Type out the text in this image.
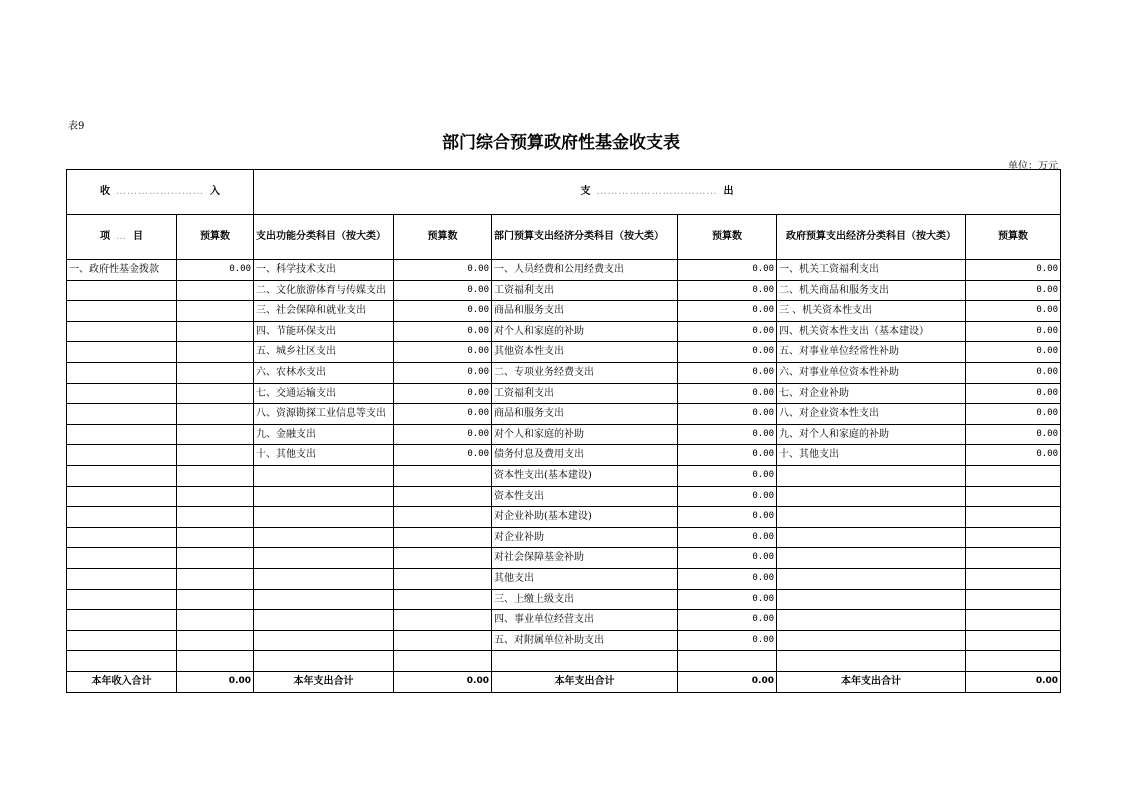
表9
部门综合预算政府性基金收支表
单位：万元
收 …………………… 入		支 …………………………… 出					
项 … 目	预算数	支出功能分类科目（按大类）	预算数	部门预算支出经济分类科目（按大类）	预算数	政府预算支出经济分类科目（按大类）	预算数
一、政府性基金拨款	0.00	一、科学技术支出	0.00	一、人员经费和公用经费支出	0.00	一、机关工资福利支出	0.00
		二、文化旅游体育与传媒支出	0.00	工资福利支出	0.00	二、机关商品和服务支出	0.00
		三、社会保障和就业支出	0.00	商品和服务支出	0.00	三 、机关资本性支出	0.00
		四、节能环保支出	0.00	对个人和家庭的补助	0.00	四、机关资本性支出（基本建设）	0.00
		五、城乡社区支出	0.00	其他资本性支出	0.00	五、对事业单位经常性补助	0.00
		六、农林水支出	0.00	二、专项业务经费支出	0.00	六、对事业单位资本性补助	0.00
		七、交通运输支出	0.00	工资福利支出	0.00	七、对企业补助	0.00
		八、资源勘探工业信息等支出	0.00	商品和服务支出	0.00	八、对企业资本性支出	0.00
		九、金融支出	0.00	对个人和家庭的补助	0.00	九、对个人和家庭的补助	0.00
		十、其他支出	0.00	债务付息及费用支出	0.00	十、其他支出	0.00
				资本性支出(基本建设)	0.00		
				资本性支出	0.00		
				对企业补助(基本建设)	0.00		
				对企业补助	0.00		
				对社会保障基金补助	0.00		
				其他支出	0.00		
				三、上缴上级支出	0.00		
				四、事业单位经营支出	0.00		
				五、对附属单位补助支出	0.00		

本年收入合计	0.00	本年支出合计	0.00	本年支出合计	0.00	本年支出合计	0.00
